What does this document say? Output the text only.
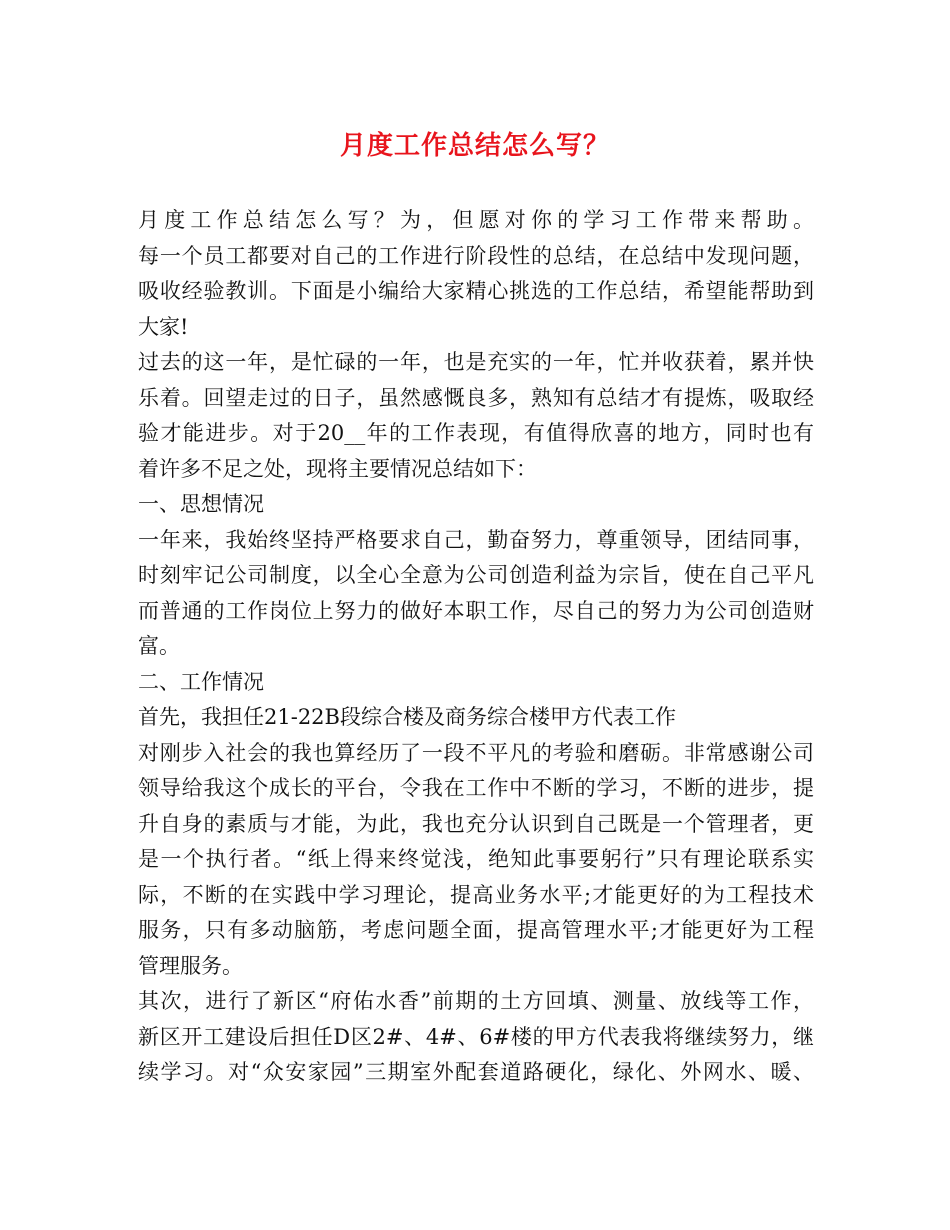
月度工作总结怎么写？
月度工作总结怎么写？为，但愿对你的学习工作带来帮助。
每一个员工都要对自己的工作进行阶段性的总结，在总结中发现问题，
吸收经验教训。下面是小编给大家精心挑选的工作总结，希望能帮助到
大家!
过去的这一年，是忙碌的一年，也是充实的一年，忙并收获着，累并快
乐着。回望走过的日子，虽然感慨良多，熟知有总结才有提炼，吸取经
验才能进步。对于20__年的工作表现，有值得欣喜的地方，同时也有
着许多不足之处，现将主要情况总结如下：
一、思想情况
一年来，我始终坚持严格要求自己，勤奋努力，尊重领导，团结同事，
时刻牢记公司制度，以全心全意为公司创造利益为宗旨，使在自己平凡
而普通的工作岗位上努力的做好本职工作，尽自己的努力为公司创造财
富。
二、工作情况
首先，我担任21-22B段综合楼及商务综合楼甲方代表工作
对刚步入社会的我也算经历了一段不平凡的考验和磨砺。非常感谢公司
领导给我这个成长的平台，令我在工作中不断的学习，不断的进步，提
升自身的素质与才能，为此，我也充分认识到自己既是一个管理者，更
是一个执行者。“纸上得来终觉浅，绝知此事要躬行”只有理论联系实
际，不断的在实践中学习理论，提高业务水平;才能更好的为工程技术
服务，只有多动脑筋，考虑问题全面，提高管理水平;才能更好为工程
管理服务。
其次，进行了新区“府佑水香”前期的土方回填、测量、放线等工作，
新区开工建设后担任D区2#、4#、6#楼的甲方代表我将继续努力，继
续学习。对“众安家园”三期室外配套道路硬化，绿化、外网水、暖、
